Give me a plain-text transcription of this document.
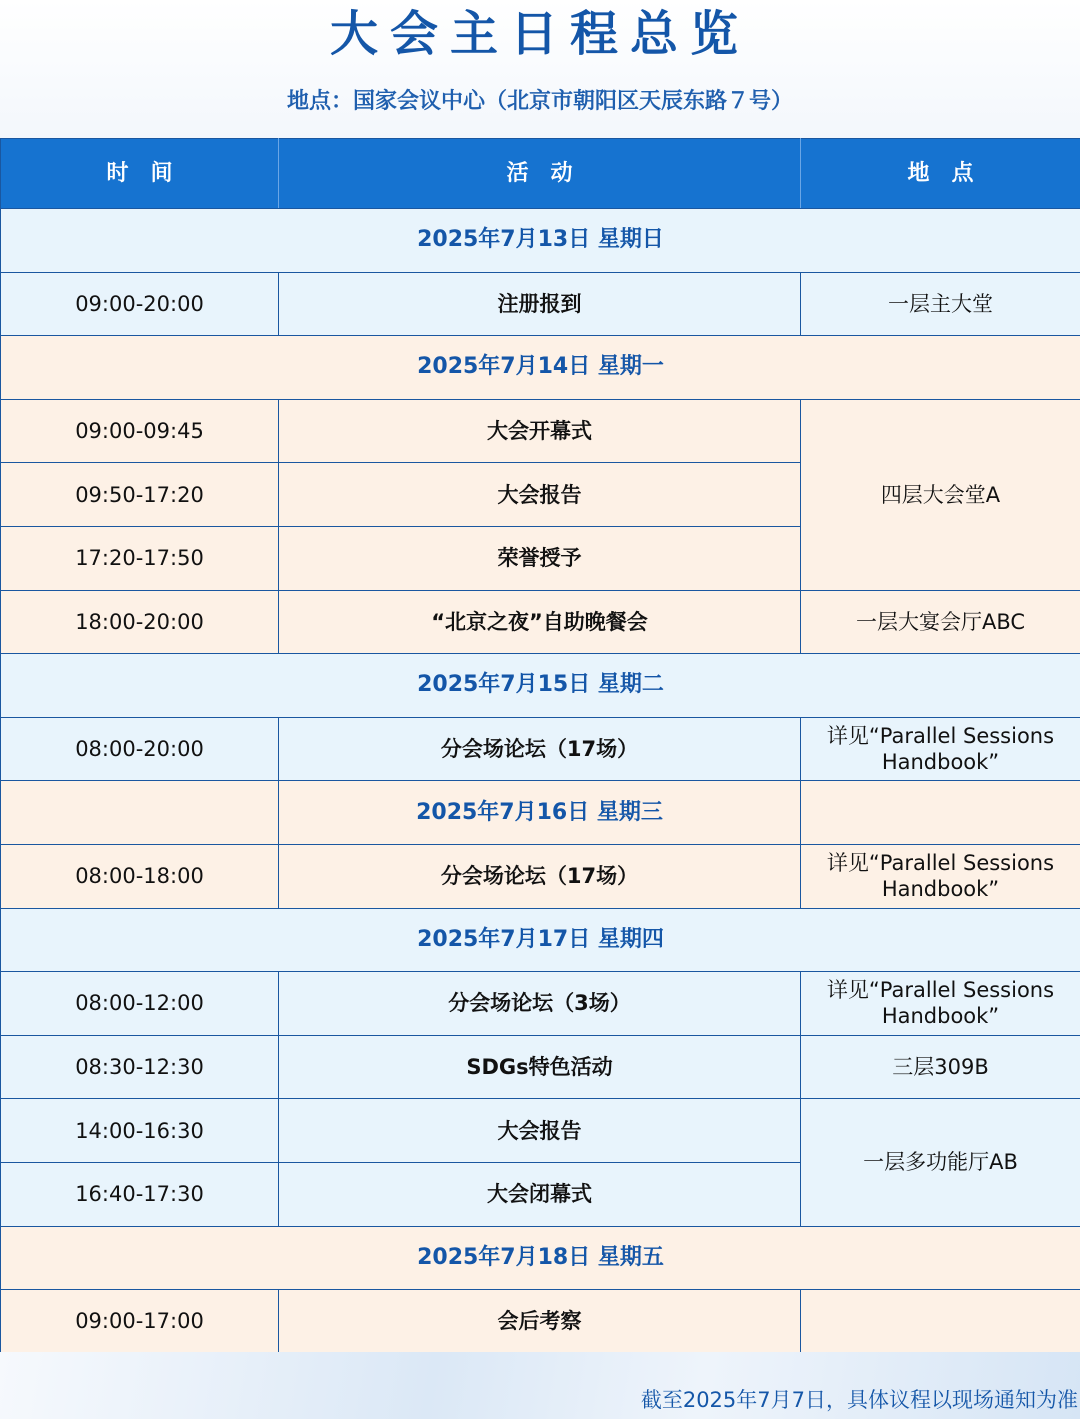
大会主日程总览
地点：国家会议中心（北京市朝阳区天辰东路７号）
时　间	活　动	地　点
2025年7月13日 星期日		
09:00-20:00	注册报到	一层主大堂
2025年7月14日 星期一		
09:00-09:45	大会开幕式	四层大会堂A
09:50-17:20	大会报告	
17:20-17:50	荣誉授予	
18:00-20:00	“北京之夜”自助晚餐会	一层大宴会厅ABC
2025年7月15日 星期二		
08:00-20:00	分会场论坛（17场）	详见“Parallel Sessions Handbook”
	2025年7月16日 星期三	
08:00-18:00	分会场论坛（17场）	详见“Parallel Sessions Handbook”
2025年7月17日 星期四		
08:00-12:00	分会场论坛（3场）	详见“Parallel Sessions Handbook”
08:30-12:30	SDGs特色活动	三层309B
14:00-16:30	大会报告	一层多功能厅AB
16:40-17:30	大会闭幕式	
2025年7月18日 星期五		
09:00-17:00	会后考察	
截至2025年7月7日，具体议程以现场通知为准
